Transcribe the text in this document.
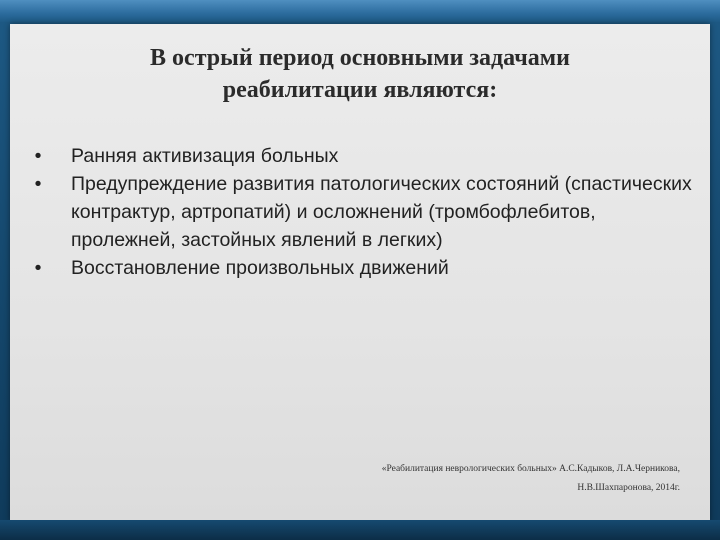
В острый период основными задачами
реабилитации являются:
•	Ранняя активизация больных
•	Предупреждение развития патологических состояний (спастических контрактур, артропатий) и осложнений (тромбофлебитов, пролежней, застойных явлений в легких)
•	Восстановление произвольных движений
«Реабилитация неврологических больных» А.С.Кадыков, Л.А.Черникова,
Н.В.Шахпаронова, 2014г.
